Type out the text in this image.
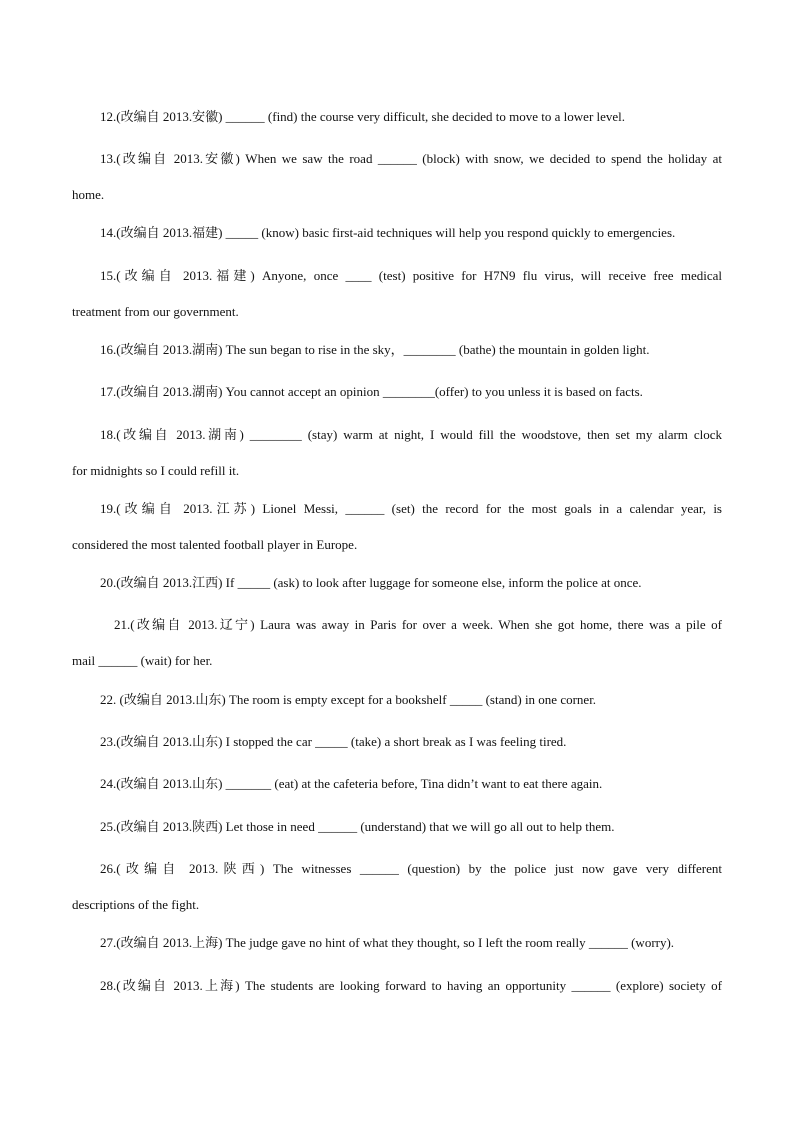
12.(改编自 2013.安徽) ______ (find) the course very difficult, she decided to move to a lower level.
13.(改编自 2013.安徽) When we saw the road ______ (block) with snow, we decided to spend the holiday at
home.
14.(改编自 2013.福建) _____ (know) basic first-aid techniques will help you respond quickly to emergencies.
15.(改编自 2013.福建) Anyone, once ____ (test) positive for H7N9 flu virus, will receive free medical
treatment from our government.
16.(改编自 2013.湖南) The sun began to rise in the sky，________ (bathe) the mountain in golden light.
17.(改编自 2013.湖南) You cannot accept an opinion ________(offer) to you unless it is based on facts.
18.(改编自 2013.湖南) ________ (stay) warm at night, I would fill the woodstove, then set my alarm clock
for midnights so I could refill it.
19.(改编自 2013.江苏) Lionel Messi, ______ (set) the record for the most goals in a calendar year, is
considered the most talented football player in Europe.
20.(改编自 2013.江西) If _____ (ask) to look after luggage for someone else, inform the police at once.
21.(改编自 2013.辽宁) Laura was away in Paris for over a week. When she got home, there was a pile of
mail ______ (wait) for her.
22. (改编自 2013.山东) The room is empty except for a bookshelf _____ (stand) in one corner.
23.(改编自 2013.山东) I stopped the car _____ (take) a short break as I was feeling tired.
24.(改编自 2013.山东) _______ (eat) at the cafeteria before, Tina didn’t want to eat there again.
25.(改编自 2013.陕西) Let those in need ______ (understand) that we will go all out to help them.
26.(改编自 2013.陕西) The witnesses ______ (question) by the police just now gave very different
descriptions of the fight.
27.(改编自 2013.上海) The judge gave no hint of what they thought, so I left the room really ______ (worry).
28.(改编自 2013.上海) The students are looking forward to having an opportunity ______ (explore) society of
